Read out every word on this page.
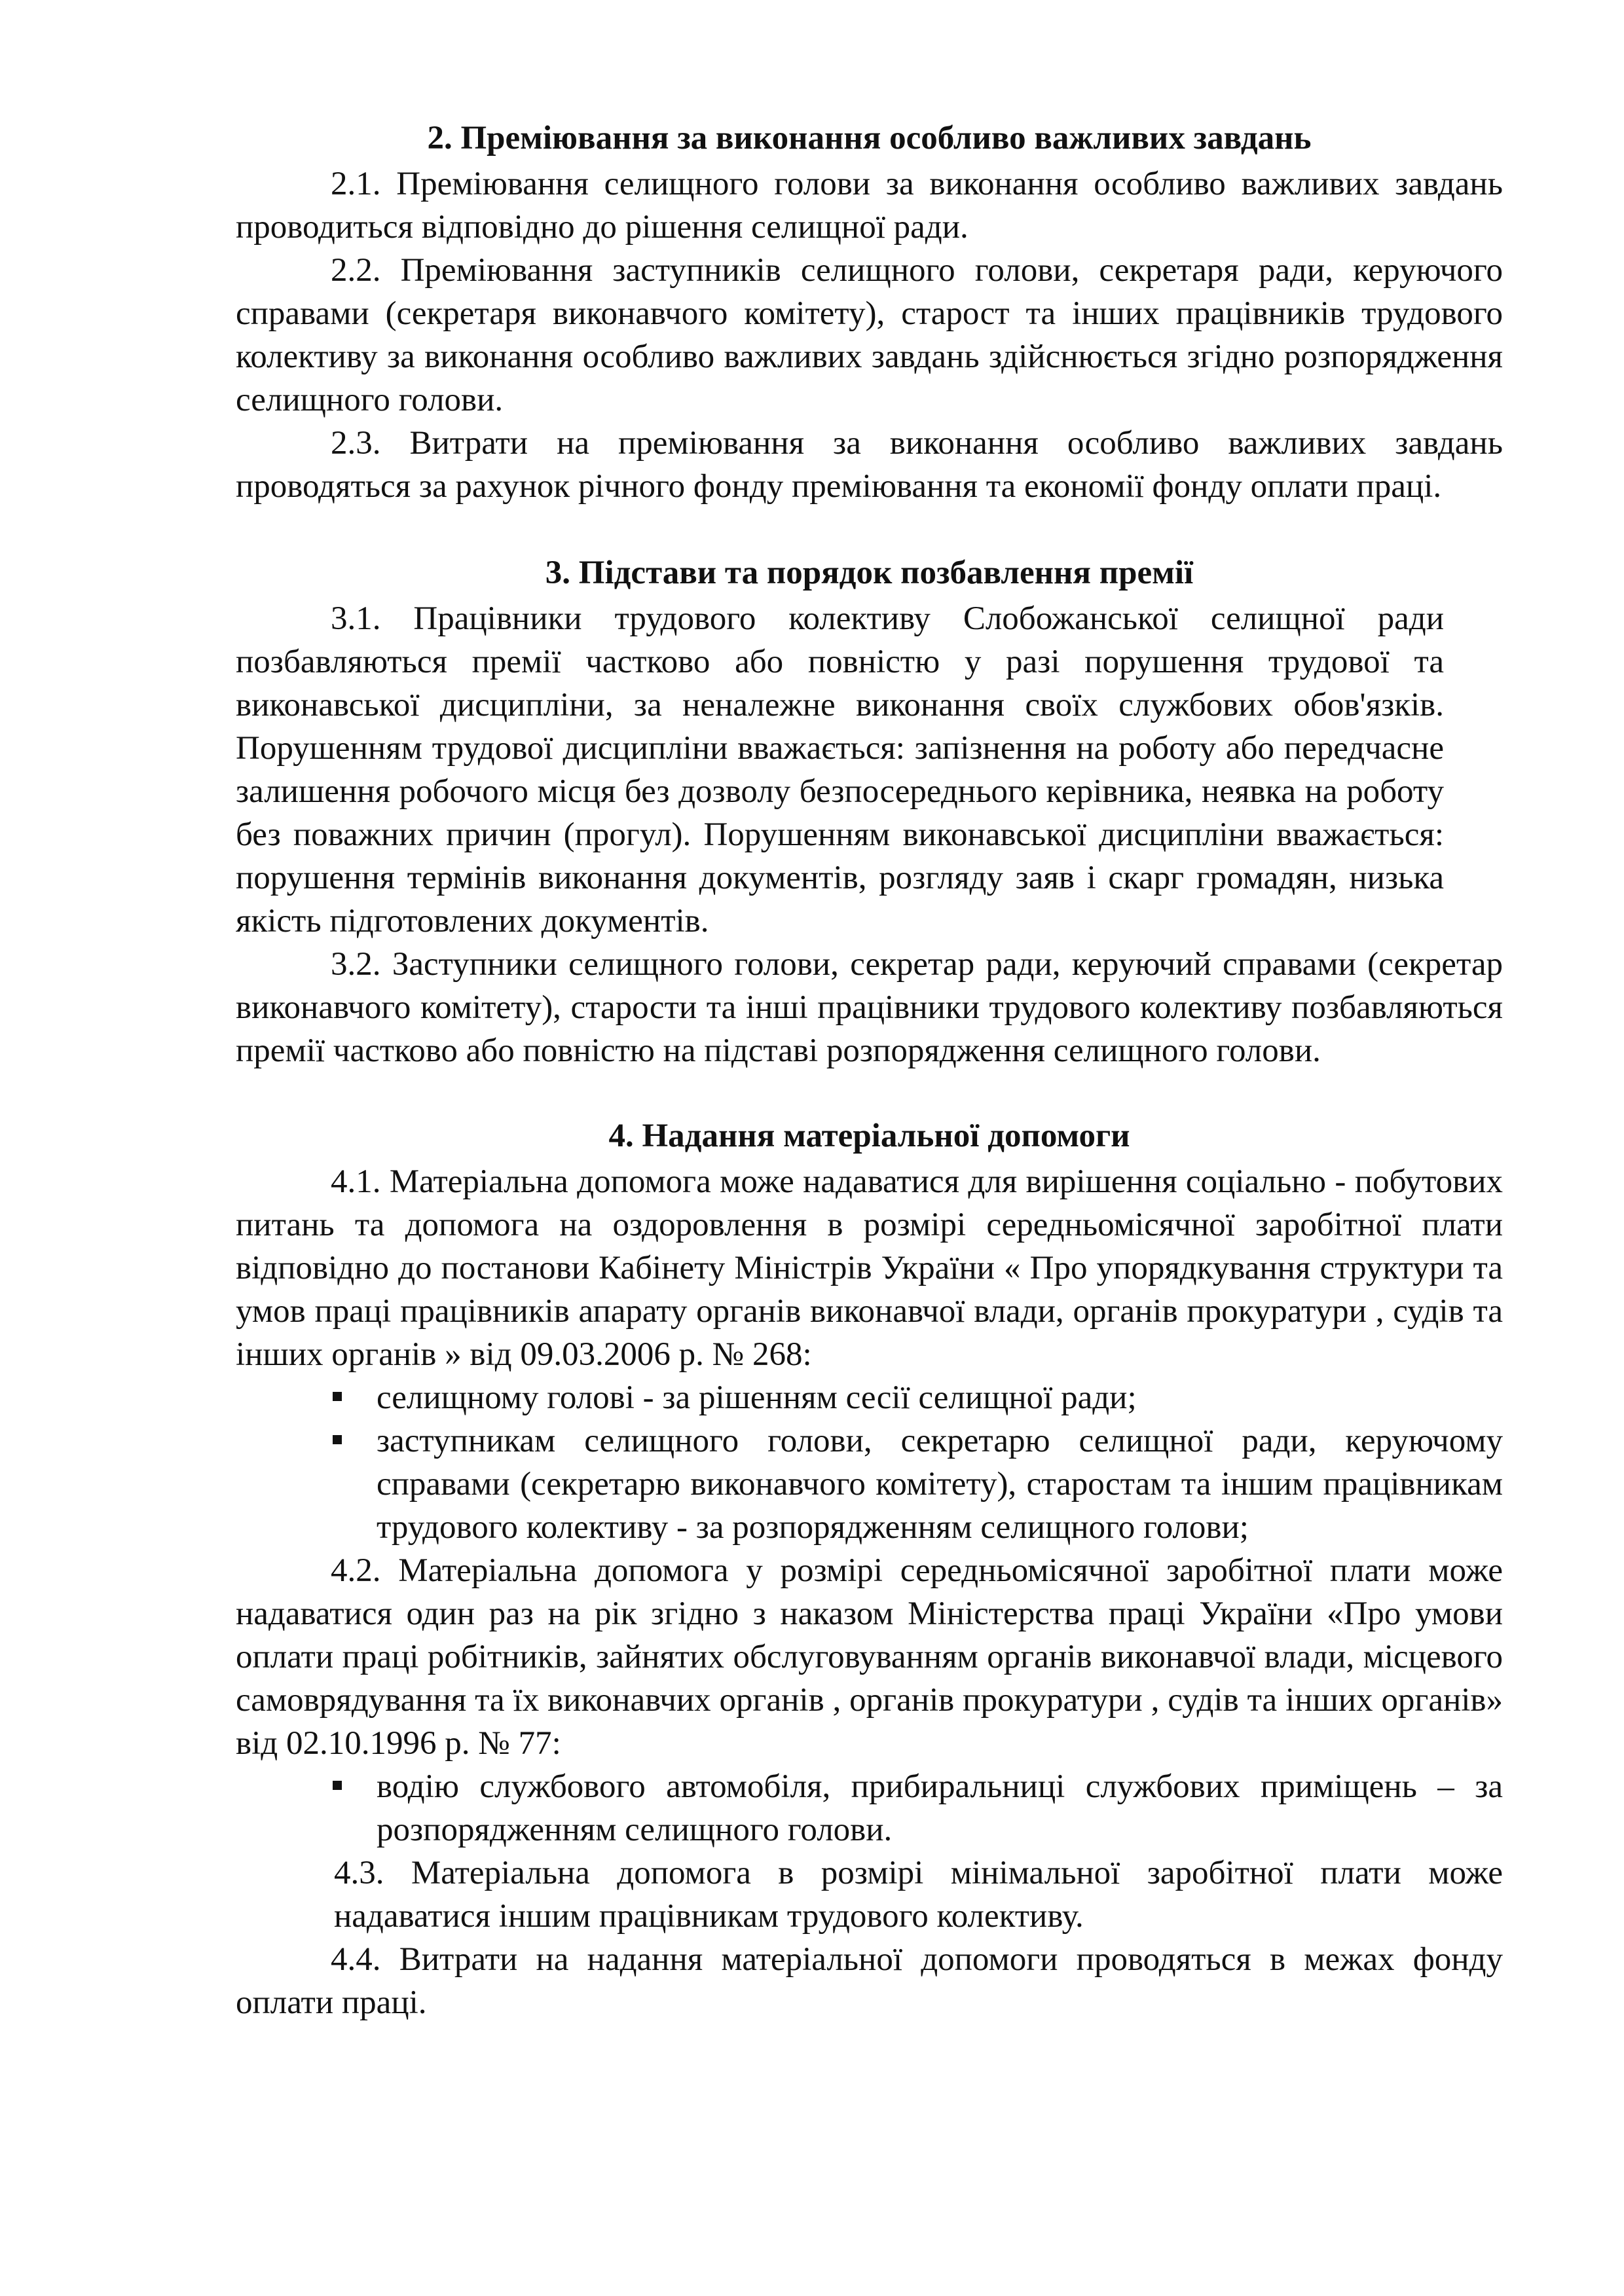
2. Преміювання за виконання особливо важливих завдань

2.1. Преміювання селищного голови за виконання особливо важливих завдань проводиться відповідно до рішення селищної ради.

2.2. Преміювання заступників селищного голови, секретаря ради, керуючого справами (секретаря виконавчого комітету), старост та інших працівників трудового колективу за виконання особливо важливих завдань здійснюється згідно розпорядження селищного голови.

2.3. Витрати на преміювання за виконання особливо важливих завдань проводяться за рахунок річного фонду преміювання та економії фонду оплати праці.

3. Підстави та порядок позбавлення премії

3.1. Працівники трудового колективу Слобожанської селищної ради позбавляються премії частково або повністю у разі порушення трудової та виконавської дисципліни, за неналежне виконання своїх службових обов'язків. Порушенням трудової дисципліни вважається: запізнення на роботу або передчасне залишення робочого місця без дозволу безпосереднього керівника, неявка на роботу без поважних причин (прогул). Порушенням виконавської дисципліни вважається: порушення термінів виконання документів, розгляду заяв і скарг громадян, низька якість підготовлених документів.

3.2. Заступники селищного голови, секретар ради, керуючий справами (секретар виконавчого комітету), старости та інші працівники трудового колективу позбавляються премії частково або повністю на підставі розпорядження селищного голови.

4. Надання матеріальної допомоги

4.1. Матеріальна допомога може надаватися для вирішення соціально - побутових питань та допомога на оздоровлення в розмірі середньомісячної заробітної плати відповідно до постанови Кабінету Міністрів України « Про упорядкування структури та умов праці працівників апарату органів виконавчої влади, органів прокуратури , судів та інших органів » від 09.03.2006 р. № 268:

селищному голові - за рішенням сесії селищної ради;
заступникам селищного голови, секретарю селищної ради, керуючому справами (секретарю виконавчого комітету), старостам та іншим працівникам трудового колективу - за розпорядженням селищного голови;

4.2. Матеріальна допомога у розмірі середньомісячної заробітної плати може надаватися один раз на рік згідно з наказом Міністерства праці України «Про умови оплати праці робітників, зайнятих обслуговуванням органів виконавчої влади, місцевого самоврядування та їх виконавчих органів , органів прокуратури , судів та інших органів» від 02.10.1996 р. № 77:

водію службового автомобіля, прибиральниці службових приміщень – за розпорядженням селищного голови.

4.3. Матеріальна допомога в розмірі мінімальної заробітної плати може надаватися іншим працівникам трудового колективу.

4.4. Витрати на надання матеріальної допомоги проводяться в межах фонду оплати праці.
